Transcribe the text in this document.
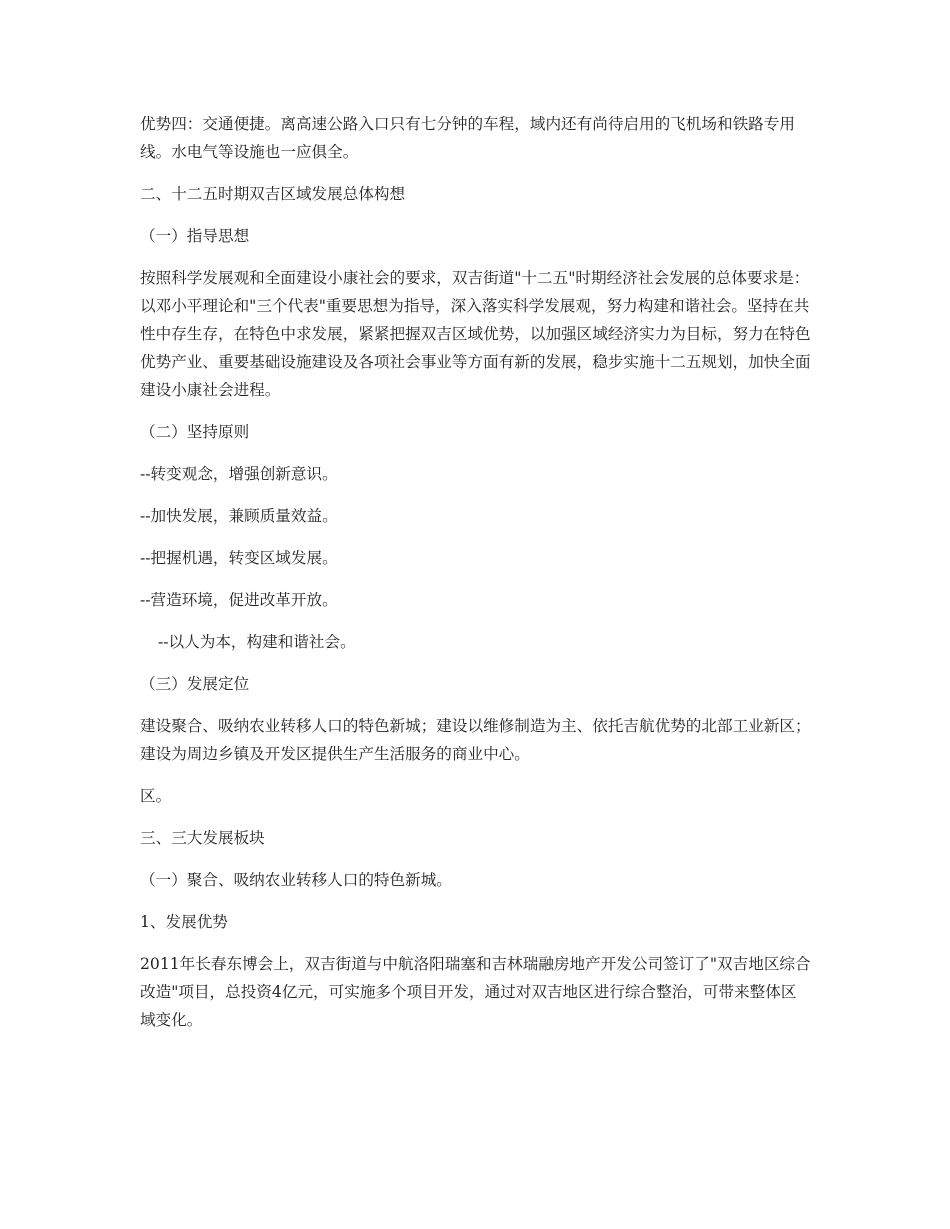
优势四：交通便捷。离高速公路入口只有七分钟的车程，域内还有尚待启用的飞机场和铁路专用线。水电气等设施也一应俱全。

二、十二五时期双吉区域发展总体构想

（一）指导思想

按照科学发展观和全面建设小康社会的要求，双吉街道"十二五"时期经济社会发展的总体要求是：以邓小平理论和"三个代表"重要思想为指导，深入落实科学发展观，努力构建和谐社会。坚持在共性中存生存，在特色中求发展，紧紧把握双吉区域优势，以加强区域经济实力为目标，努力在特色优势产业、重要基础设施建设及各项社会事业等方面有新的发展，稳步实施十二五规划，加快全面建设小康社会进程。

（二）坚持原则

--转变观念，增强创新意识。

--加快发展，兼顾质量效益。

--把握机遇，转变区域发展。

--营造环境，促进改革开放。

--以人为本，构建和谐社会。

（三）发展定位

建设聚合、吸纳农业转移人口的特色新城；建设以维修制造为主、依托吉航优势的北部工业新区；建设为周边乡镇及开发区提供生产生活服务的商业中心。

区。

三、三大发展板块

（一）聚合、吸纳农业转移人口的特色新城。

1、发展优势

2011年长春东博会上，双吉街道与中航洛阳瑞塞和吉林瑞融房地产开发公司签订了"双吉地区综合改造"项目，总投资4亿元，可实施多个项目开发，通过对双吉地区进行综合整治，可带来整体区域变化。
